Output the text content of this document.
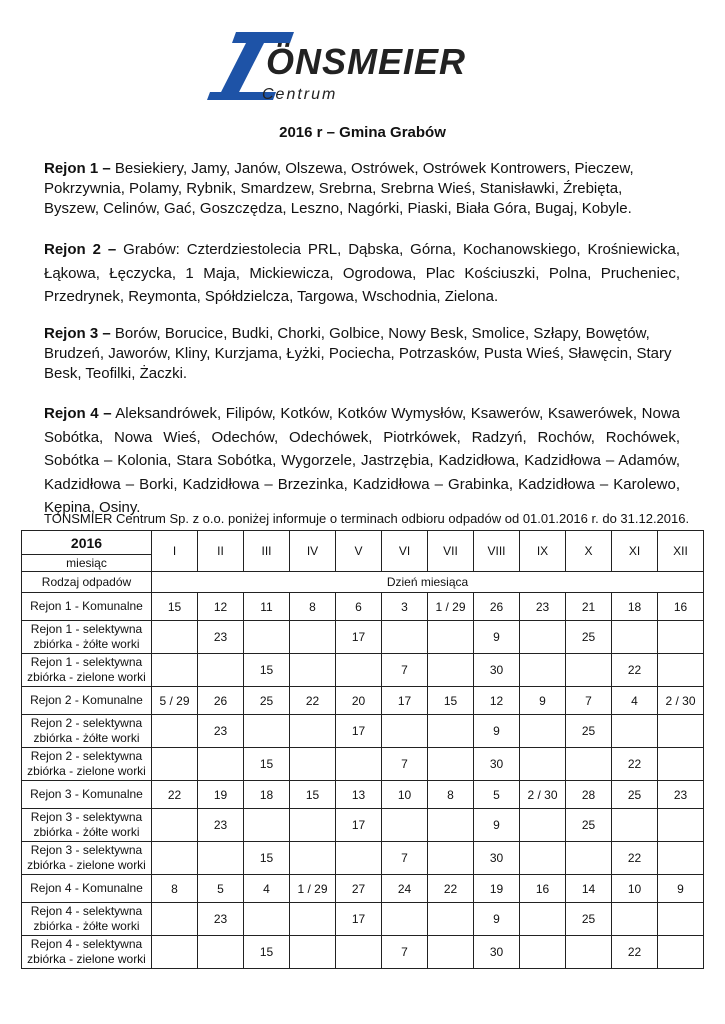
ÖNSMEIER
Centrum
2016 r – Gmina Grabów
Rejon 1 – Besiekiery, Jamy, Janów, Olszewa, Ostrówek, Ostrówek Kontrowers, Pieczew, Pokrzywnia, Polamy, Rybnik, Smardzew, Srebrna, Srebrna Wieś, Stanisławki, Źrebięta, Byszew, Celinów, Gać, Goszczędza, Leszno, Nagórki, Piaski, Biała Góra, Bugaj, Kobyle.
Rejon 2 – Grabów: Czterdziestolecia PRL, Dąbska, Górna, Kochanowskiego, Krośniewicka, Łąkowa, Łęczycka, 1 Maja, Mickiewicza, Ogrodowa, Plac Kościuszki, Polna, Prucheniec, Przedrynek, Reymonta, Spółdzielcza, Targowa, Wschodnia, Zielona.
Rejon 3 – Borów, Borucice, Budki, Chorki, Golbice, Nowy Besk, Smolice, Szłapy, Bowętów, Brudzeń, Jaworów, Kliny, Kurzjama, Łyżki, Pociecha, Potrzasków, Pusta Wieś, Sławęcin, Stary Besk, Teofilki, Żaczki.
Rejon 4 – Aleksandrówek, Filipów, Kotków, Kotków Wymysłów, Ksawerów, Ksawerówek, Nowa Sobótka, Nowa Wieś, Odechów, Odechówek, Piotrkówek, Radzyń, Rochów, Rochówek, Sobótka – Kolonia, Stara Sobótka, Wygorzele, Jastrzębia, Kadzidłowa, Kadzidłowa – Adamów, Kadzidłowa – Borki, Kadzidłowa – Brzezinka, Kadzidłowa – Grabinka, Kadzidłowa – Karolewo, Kępina, Osiny.
TONSMIER Centrum Sp. z o.o. poniżej informuje o terminach odbioru odpadów od 01.01.2016 r. do 31.12.2016.
2016	I	II	III	IV	V	VI	VII	VIII	IX	X	XI	XII
miesiąc												
Rodzaj odpadów	Dzień miesiąca											
Rejon 1 - Komunalne	15	12	11	8	6	3	1 / 29	26	23	21	18	16
Rejon 1 - selektywna zbiórka - żółte worki		23			17			9		25		
Rejon 1 - selektywna zbiórka - zielone worki			15			7		30			22	
Rejon 2 - Komunalne	5 / 29	26	25	22	20	17	15	12	9	7	4	2 / 30
Rejon 2 - selektywna zbiórka - żółte worki		23			17			9		25		
Rejon 2 - selektywna zbiórka - zielone worki			15			7		30			22	
Rejon 3 - Komunalne	22	19	18	15	13	10	8	5	2 / 30	28	25	23
Rejon 3 - selektywna zbiórka - żółte worki		23			17			9		25		
Rejon 3 - selektywna zbiórka - zielone worki			15			7		30			22	
Rejon 4 - Komunalne	8	5	4	1 / 29	27	24	22	19	16	14	10	9
Rejon 4 - selektywna zbiórka - żółte worki		23			17			9		25		
Rejon 4 - selektywna zbiórka - zielone worki			15			7		30			22	
